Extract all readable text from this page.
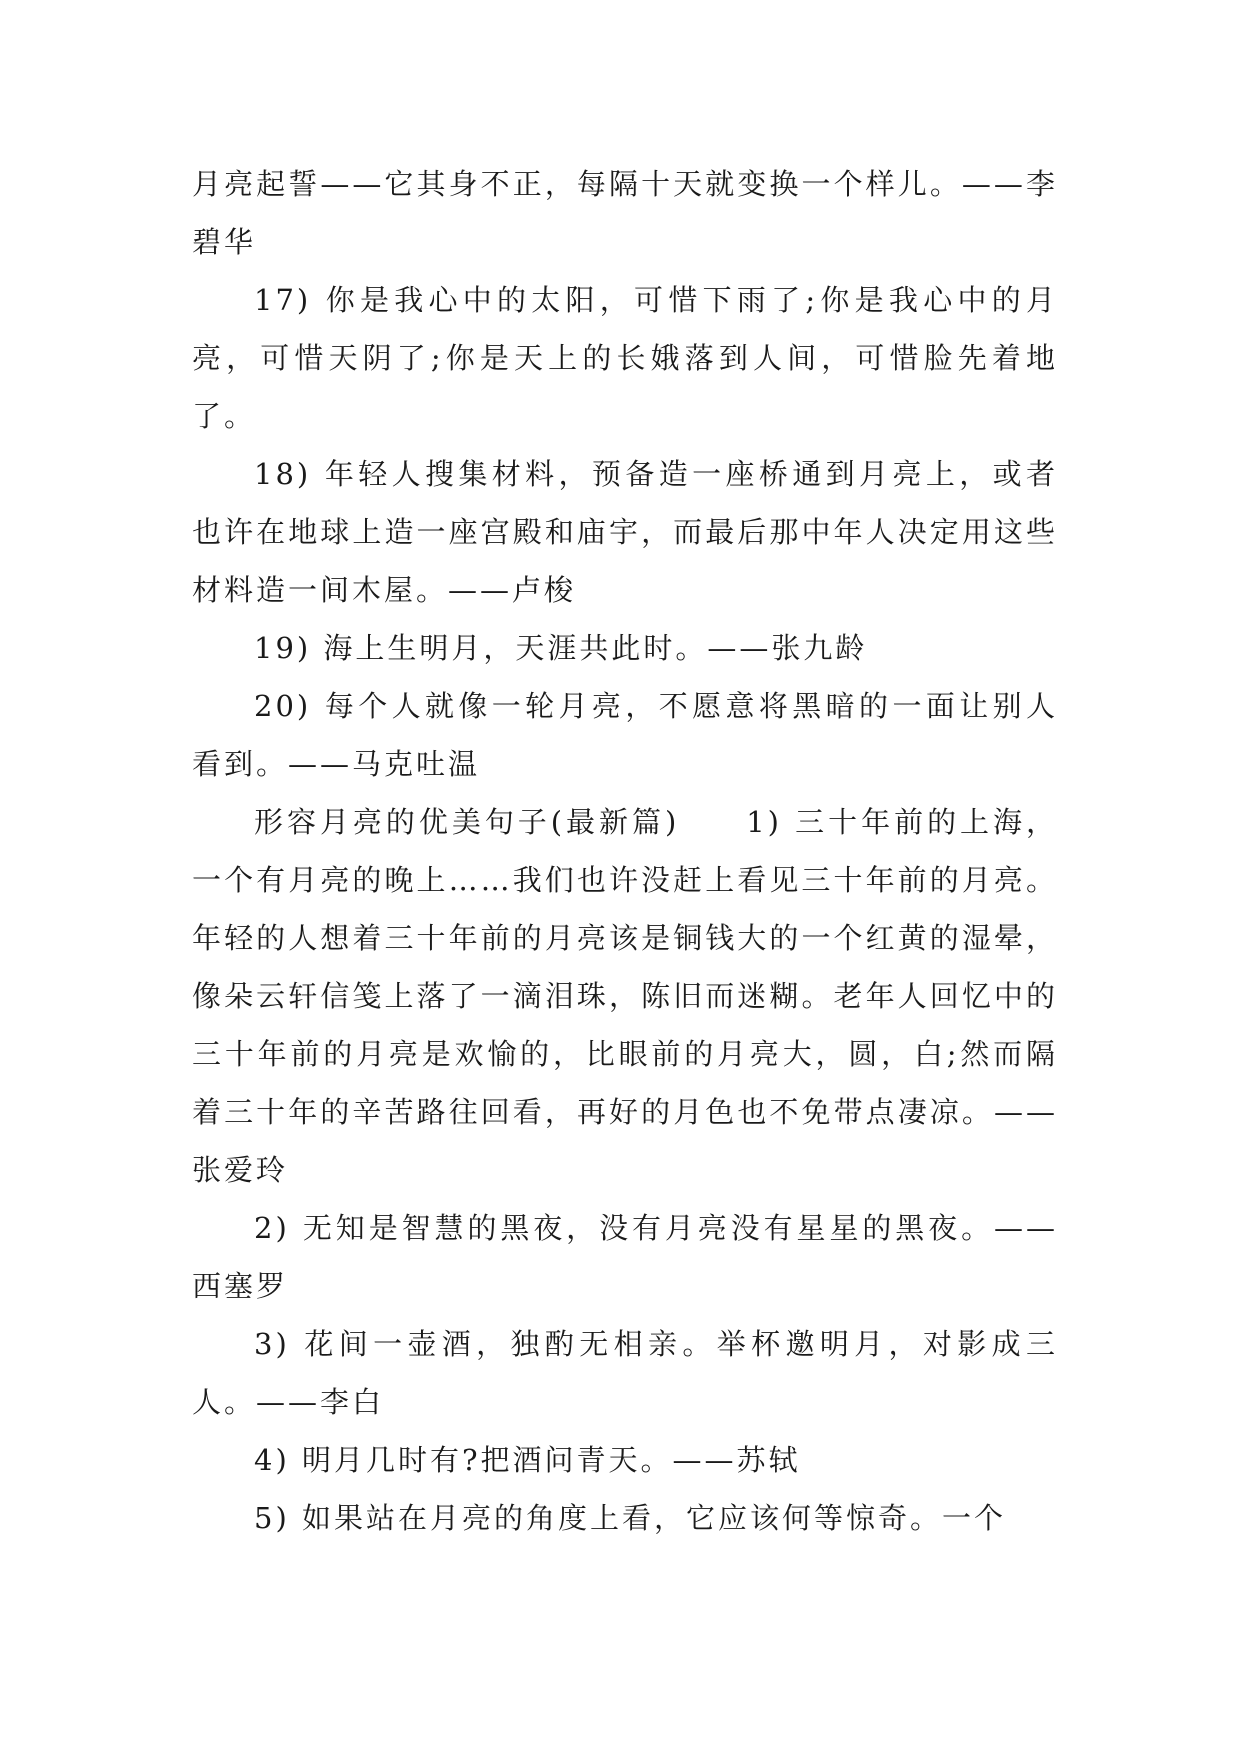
月亮起誓——它其身不正，每隔十天就变换一个样儿。——李碧华

17) 你是我心中的太阳，可惜下雨了;你是我心中的月亮，可惜天阴了;你是天上的长娥落到人间，可惜脸先着地了。

18) 年轻人搜集材料，预备造一座桥通到月亮上，或者也许在地球上造一座宫殿和庙宇，而最后那中年人决定用这些材料造一间木屋。——卢梭

19) 海上生明月，天涯共此时。——张九龄

20) 每个人就像一轮月亮，不愿意将黑暗的一面让别人看到。——马克吐温

形容月亮的优美句子(最新篇)　　1) 三十年前的上海，一个有月亮的晚上……我们也许没赶上看见三十年前的月亮。年轻的人想着三十年前的月亮该是铜钱大的一个红黄的湿晕，像朵云轩信笺上落了一滴泪珠，陈旧而迷糊。老年人回忆中的三十年前的月亮是欢愉的，比眼前的月亮大，圆，白;然而隔着三十年的辛苦路往回看，再好的月色也不免带点凄凉。——张爱玲

2) 无知是智慧的黑夜，没有月亮没有星星的黑夜。——西塞罗

3) 花间一壶酒，独酌无相亲。举杯邀明月，对影成三人。——李白

4) 明月几时有?把酒问青天。——苏轼

5) 如果站在月亮的角度上看，它应该何等惊奇。一个
